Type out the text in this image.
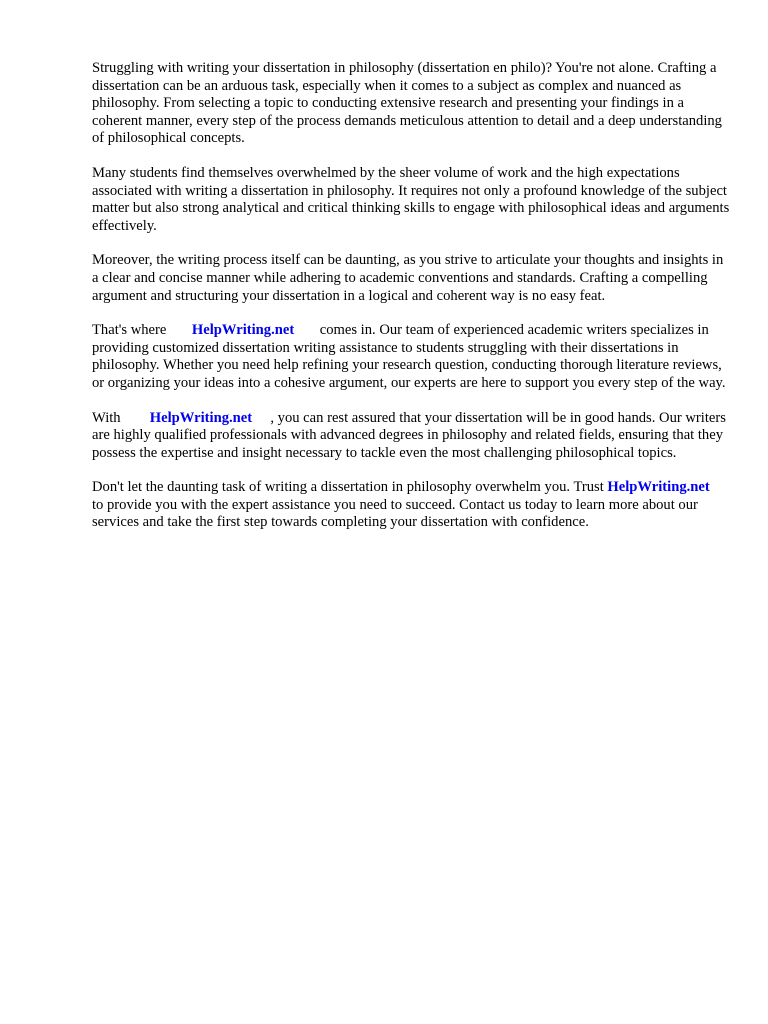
Struggling with writing your dissertation in philosophy (dissertation en philo)? You're not alone. Crafting a dissertation can be an arduous task, especially when it comes to a subject as complex and nuanced as philosophy. From selecting a topic to conducting extensive research and presenting your findings in a coherent manner, every step of the process demands meticulous attention to detail and a deep understanding of philosophical concepts.

Many students find themselves overwhelmed by the sheer volume of work and the high expectations associated with writing a dissertation in philosophy. It requires not only a profound knowledge of the subject matter but also strong analytical and critical thinking skills to engage with philosophical ideas and arguments effectively.

Moreover, the writing process itself can be daunting, as you strive to articulate your thoughts and insights in a clear and concise manner while adhering to academic conventions and standards. Crafting a compelling argument and structuring your dissertation in a logical and coherent way is no easy feat.

That's where HelpWriting.net comes in. Our team of experienced academic writers specializes in providing customized dissertation writing assistance to students struggling with their dissertations in philosophy. Whether you need help refining your research question, conducting thorough literature reviews, or organizing your ideas into a cohesive argument, our experts are here to support you every step of the way.

With HelpWriting.net , you can rest assured that your dissertation will be in good hands. Our writers are highly qualified professionals with advanced degrees in philosophy and related fields, ensuring that they possess the expertise and insight necessary to tackle even the most challenging philosophical topics.

Don't let the daunting task of writing a dissertation in philosophy overwhelm you. Trust HelpWriting.net       to provide you with the expert assistance you need to succeed. Contact us today to learn more about our services and take the first step towards completing your dissertation with confidence.
